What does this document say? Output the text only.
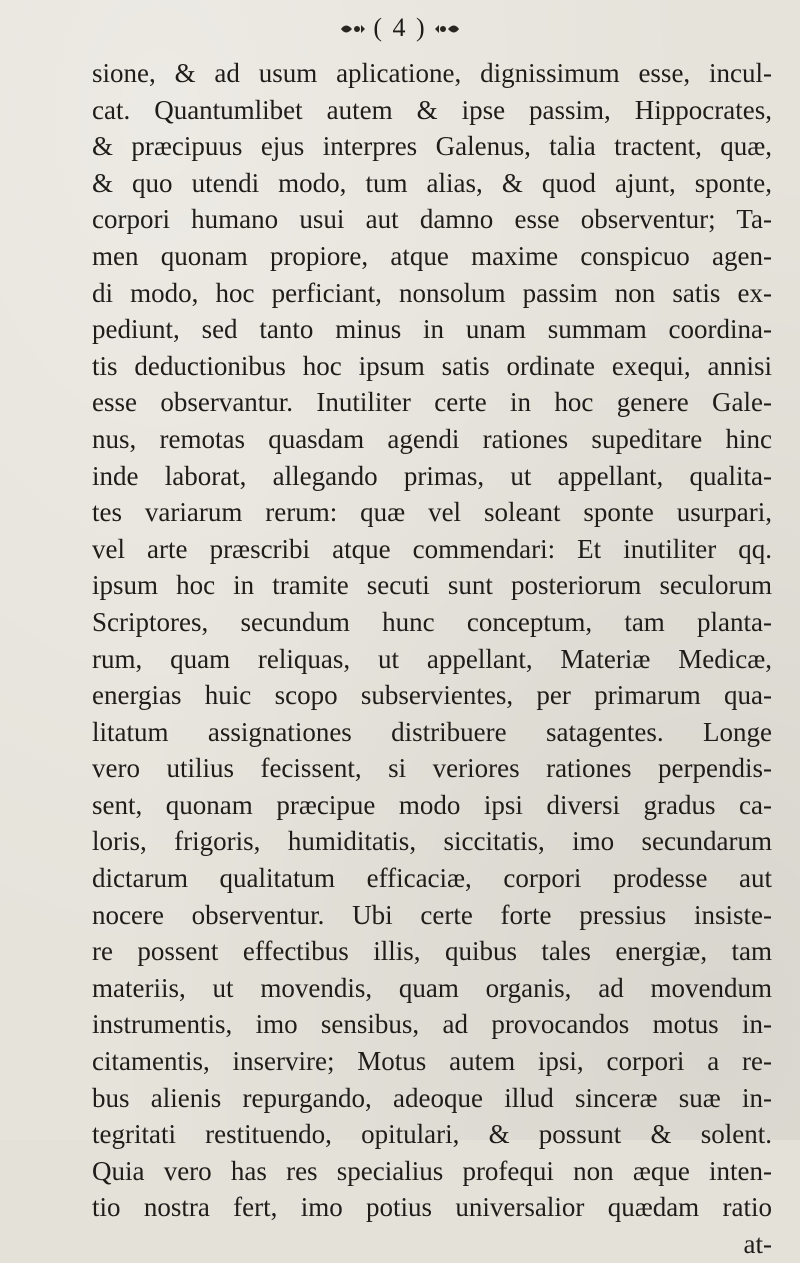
( 4 )
sione, & ad usum aplicatione, dignissimum esse, incul-
cat. Quantumlibet autem & ipse passim, Hippocrates,
& præcipuus ejus interpres Galenus, talia tractent, quæ,
& quo utendi modo, tum alias, & quod ajunt, sponte,
corpori humano usui aut damno esse observentur; Ta-
men quonam propiore, atque maxime conspicuo agen-
di modo, hoc perficiant, nonsolum passim non satis ex-
pediunt, sed tanto minus in unam summam coordina-
tis deductionibus hoc ipsum satis ordinate exequi, annisi
esse observantur. Inutiliter certe in hoc genere Gale-
nus, remotas quasdam agendi rationes supeditare hinc
inde laborat, allegando primas, ut appellant, qualita-
tes variarum rerum: quæ vel soleant sponte usurpari,
vel arte præscribi atque commendari: Et inutiliter qq.
ipsum hoc in tramite secuti sunt posteriorum seculorum
Scriptores, secundum hunc conceptum, tam planta-
rum, quam reliquas, ut appellant, Materiæ Medicæ,
energias huic scopo subservientes, per primarum qua-
litatum assignationes distribuere satagentes. Longe
vero utilius fecissent, si veriores rationes perpendis-
sent, quonam præcipue modo ipsi diversi gradus ca-
loris, frigoris, humiditatis, siccitatis, imo secundarum
dictarum qualitatum efficaciæ, corpori prodesse aut
nocere observentur. Ubi certe forte pressius insiste-
re possent effectibus illis, quibus tales energiæ, tam
materiis, ut movendis, quam organis, ad movendum
instrumentis, imo sensibus, ad provocandos motus in-
citamentis, inservire; Motus autem ipsi, corpori a re-
bus alienis repurgando, adeoque illud sinceræ suæ in-
tegritati restituendo, opitulari, & possunt & solent.
Quia vero has res specialius profequi non æque inten-
tio nostra fert, imo potius universalior quædam ratio
at-
